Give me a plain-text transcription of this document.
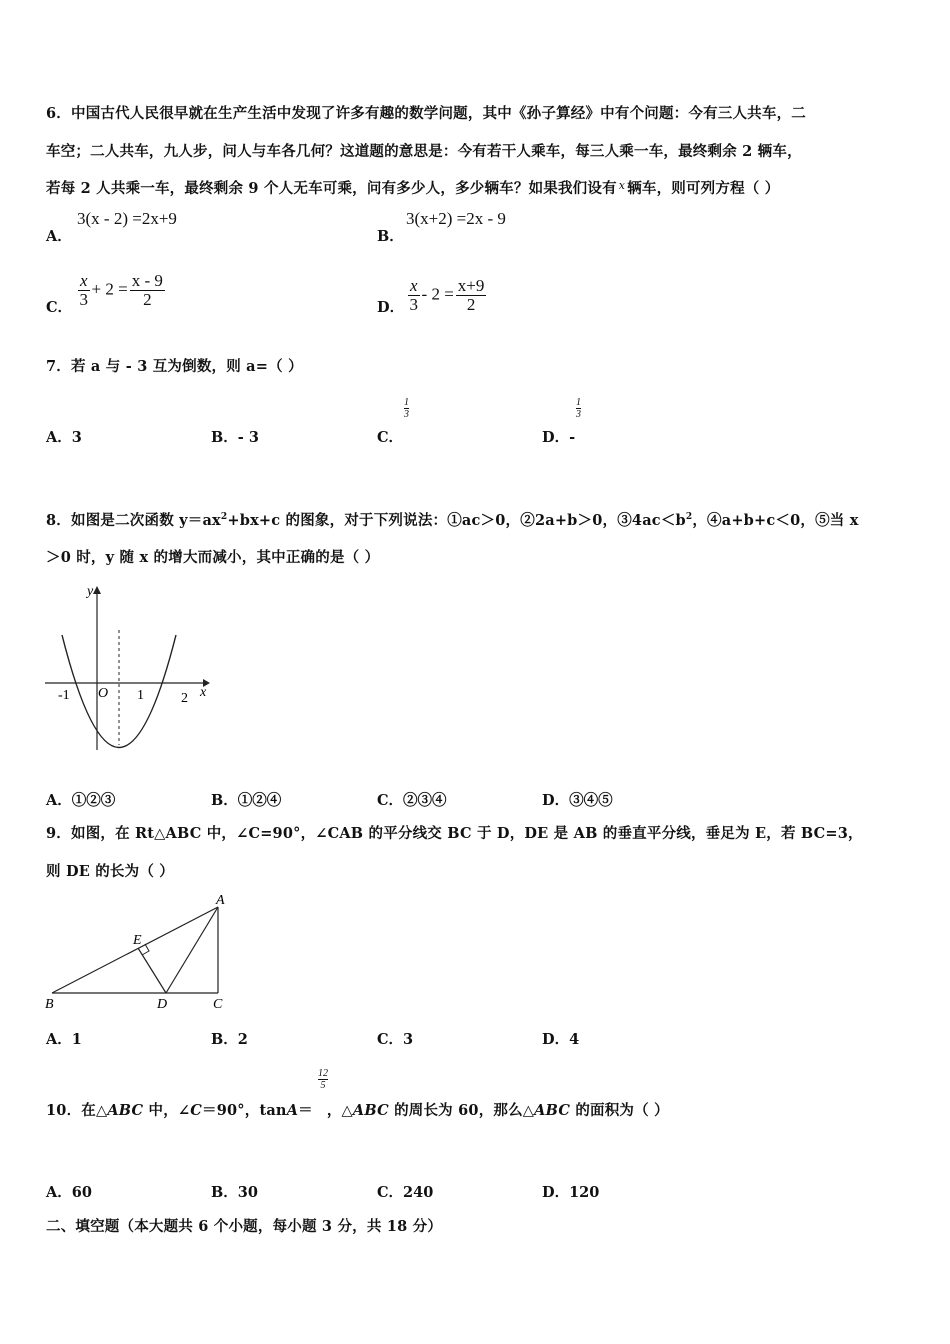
6．中国古代人民很早就在生产生活中发现了许多有趣的数学问题，其中《孙子算经》中有个问题：今有三人共车，二
车空；二人共车，九人步，问人与车各几何？这道题的意思是：今有若干人乘车，每三人乘一车，最终剩余 2 辆车，
若每 2 人共乘一车，最终剩余 9 个人无车可乘，问有多少人，多少辆车？如果我们设有 $^x$ 辆车，则可列方程（ ）
A．
3(x - 2) =2x+9
B．
3(x+2) =2x - 9
C． $\frac{x}{3} + 2 = \frac{x - 9}{2}$	D． $\frac{x}{3} - 2 = \frac{x+9}{2}$
7．若 a 与 - 3 互为倒数，则 a=（ ）
A．3	B．- 3	C．
$\frac{1}{3}$
D．-
$\frac{1}{3}$
8．如图是二次函数 $y=ax^2+bx+c$ 的图象，对于下列说法：①ac＞0，②2a+b＞0，$③4ac<b^2$，④a+b+c＜0，⑤当 x
＞0 时，y 随 x 的增大而减小，其中正确的是（ ）
y
x
O
-1	1	2
A．①②③	B．①②④	C．②③④	D．③④⑤
9．如图，在 Rt△ABC 中，∠C=90°，∠CAB 的平分线交 BC 于 D，DE 是 AB 的垂直平分线，垂足为 E，若 BC=3，
则 DE 的长为（ ）
A
B	C
D
E
A．1	B．2	C．3	D．4
10．在△ABC 中，∠C＝90°，tanA＝ ，△ABC 的周长为 60，那么△ABC 的面积为（ ）
$\frac{12}{5}$
A．60	B．30	C．240	D．120
二、填空题（本大题共 6 个小题，每小题 3 分，共 18 分）
